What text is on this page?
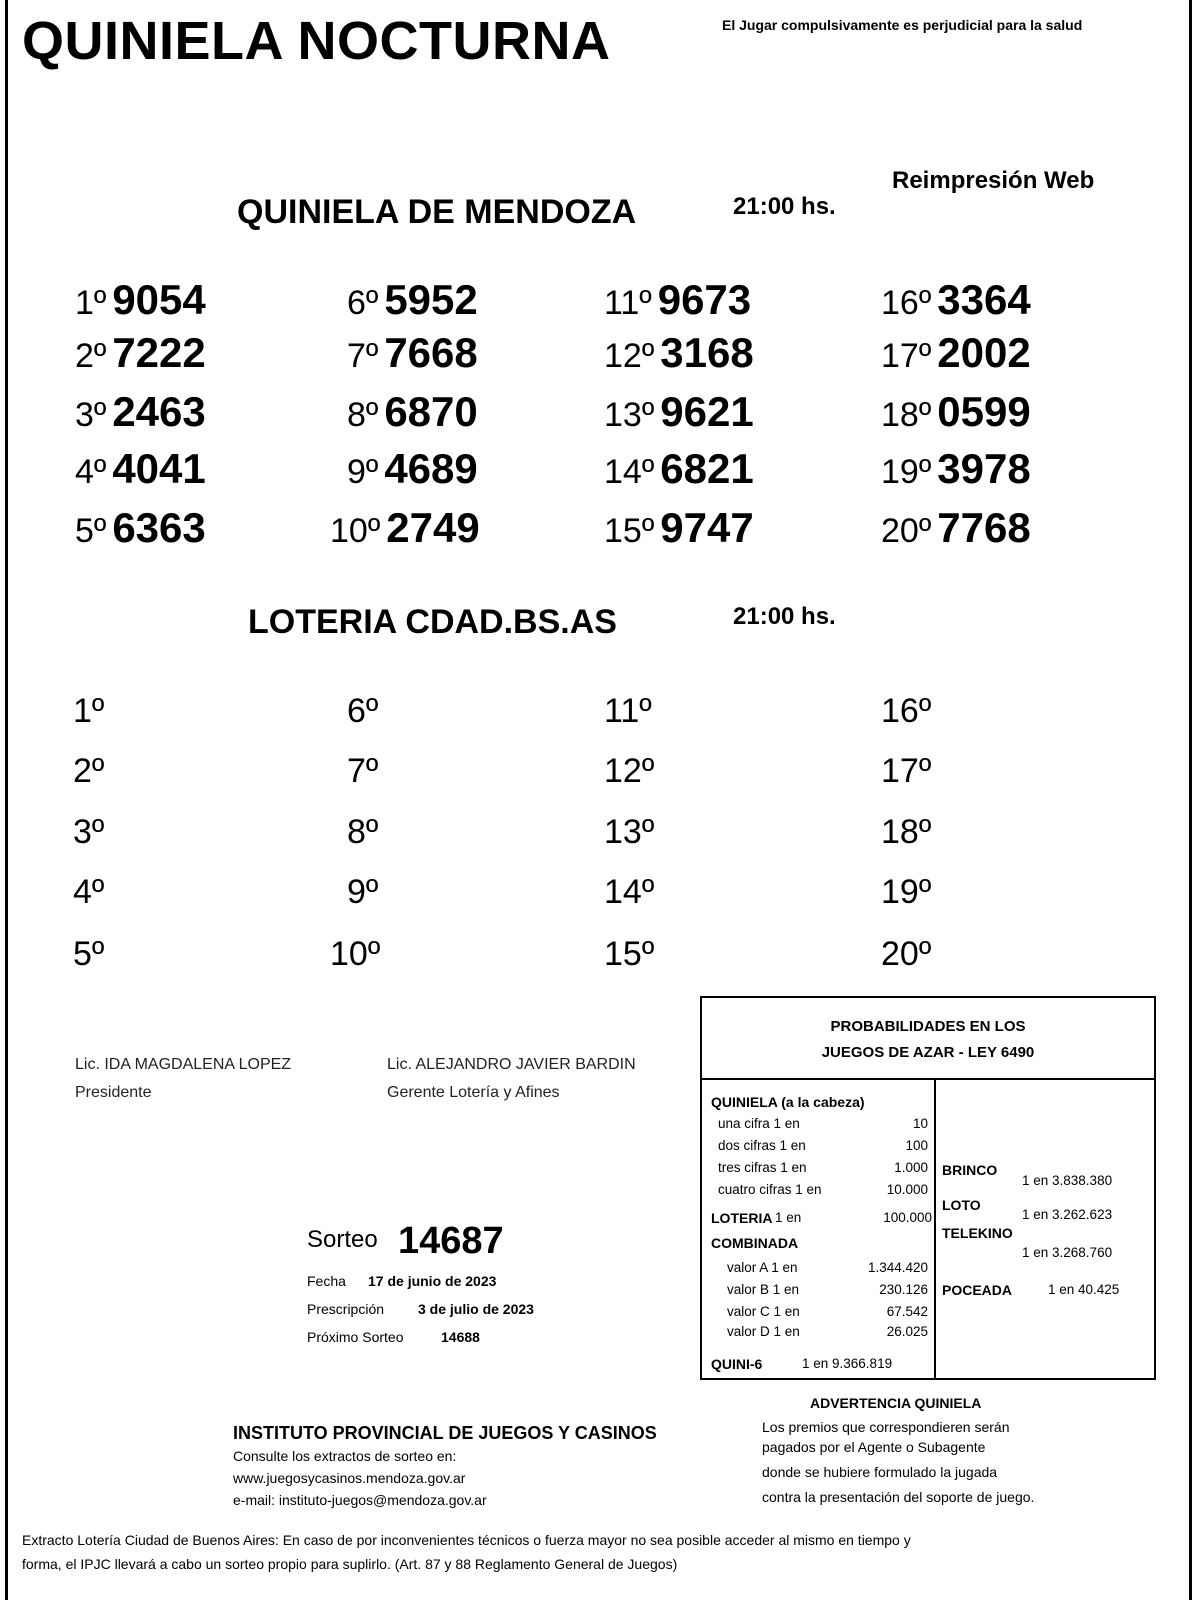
QUINIELA NOCTURNA	El Jugar compulsivamente es perjudicial para la salud
Reimpresión Web
QUINIELA DE MENDOZA	21:00 hs.
1º 9054
2º 7222
3º 2463
4º 4041
5º 6363
6º 5952
7º 7668
8º 6870
9º 4689
10º 2749
11º 9673
12º 3168
13º 9621
14º 6821
15º 9747
16º 3364
17º 2002
18º 0599
19º 3978
20º 7768
LOTERIA CDAD.BS.AS	21:00 hs.
1º
2º
3º
4º
5º
6º
7º
8º
9º
10º
11º
12º
13º
14º
15º
16º
17º
18º
19º
20º
Lic. IDA MAGDALENA LOPEZ
Presidente
Lic. ALEJANDRO JAVIER BARDIN
Gerente Lotería y Afines
Sorteo 14687
Fecha 17 de junio de 2023
Prescripción 3 de julio de 2023
Próximo Sorteo	14688
PROBABILIDADES EN LOS
JUEGOS DE AZAR - LEY 6490
QUINIELA (a la cabeza)
una cifra 1 en	10
dos cifras 1 en	100
tres cifras 1 en	1.000
cuatro cifras 1 en	10.000
LOTERIA 1 en	100.000
COMBINADA
valor A 1 en	1.344.420
valor B 1 en	230.126
valor C 1 en	67.542
valor D 1 en	26.025
QUINI-6	1 en 9.366.819
BRINCO
1 en 3.838.380
LOTO
1 en 3.262.623
TELEKINO
1 en 3.268.760
POCEADA	1 en 40.425
INSTITUTO PROVINCIAL DE JUEGOS Y CASINOS
Consulte los extractos de sorteo en:
www.juegosycasinos.mendoza.gov.ar
e-mail: instituto-juegos@mendoza.gov.ar
ADVERTENCIA QUINIELA
Los premios que correspondieren serán
pagados por el Agente o Subagente
donde se hubiere formulado la jugada
contra la presentación del soporte de juego.
Extracto Lotería Ciudad de Buenos Aires: En caso de por inconvenientes técnicos o fuerza mayor no sea posible acceder al mismo en tiempo y
forma, el IPJC llevará a cabo un sorteo propio para suplirlo. (Art. 87 y 88 Reglamento General de Juegos)
